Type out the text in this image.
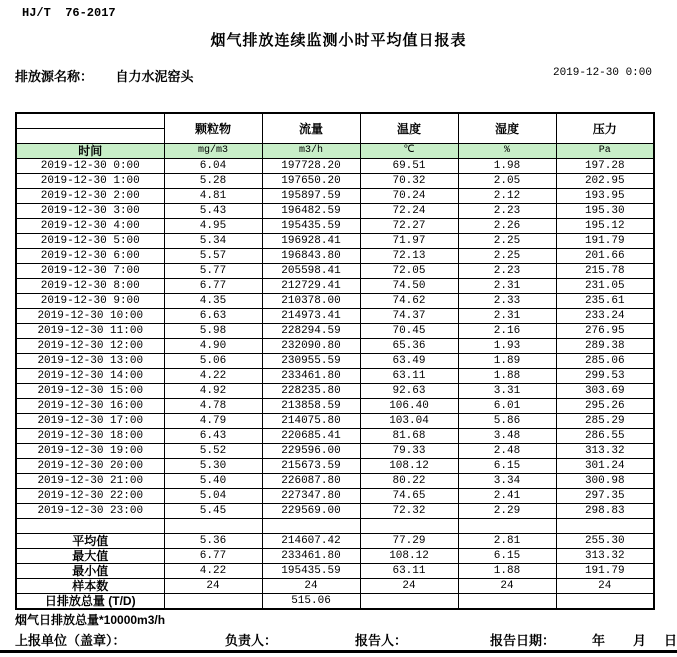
HJ/T  76-2017
烟气排放连续监测小时平均值日报表
排放源名称： 自力水泥窑头	2019-12-30 0:00
	颗粒物	流量	温度	湿度	压力

时间	mg/m3	m3/h	℃	%	Pa
2019-12-30 0:00	6.04	197728.20	69.51	1.98	197.28
2019-12-30 1:00	5.28	197650.20	70.32	2.05	202.95
2019-12-30 2:00	4.81	195897.59	70.24	2.12	193.95
2019-12-30 3:00	5.43	196482.59	72.24	2.23	195.30
2019-12-30 4:00	4.95	195435.59	72.27	2.26	195.12
2019-12-30 5:00	5.34	196928.41	71.97	2.25	191.79
2019-12-30 6:00	5.57	196843.80	72.13	2.25	201.66
2019-12-30 7:00	5.77	205598.41	72.05	2.23	215.78
2019-12-30 8:00	6.77	212729.41	74.50	2.31	231.05
2019-12-30 9:00	4.35	210378.00	74.62	2.33	235.61
2019-12-30 10:00	6.63	214973.41	74.37	2.31	233.24
2019-12-30 11:00	5.98	228294.59	70.45	2.16	276.95
2019-12-30 12:00	4.90	232090.80	65.36	1.93	289.38
2019-12-30 13:00	5.06	230955.59	63.49	1.89	285.06
2019-12-30 14:00	4.22	233461.80	63.11	1.88	299.53
2019-12-30 15:00	4.92	228235.80	92.63	3.31	303.69
2019-12-30 16:00	4.78	213858.59	106.40	6.01	295.26
2019-12-30 17:00	4.79	214075.80	103.04	5.86	285.29
2019-12-30 18:00	6.43	220685.41	81.68	3.48	286.55
2019-12-30 19:00	5.52	229596.00	79.33	2.48	313.32
2019-12-30 20:00	5.30	215673.59	108.12	6.15	301.24
2019-12-30 21:00	5.40	226087.80	80.22	3.34	300.98
2019-12-30 22:00	5.04	227347.80	74.65	2.41	297.35
2019-12-30 23:00	5.45	229569.00	72.32	2.29	298.83

平均值	5.36	214607.42	77.29	2.81	255.30
最大值	6.77	233461.80	108.12	6.15	313.32
最小值	4.22	195435.59	63.11	1.88	191.79
样本数	24	24	24	24	24
日排放总量 (T/D)		515.06			
烟气日排放总量*10000m3/h
上报单位（盖章）：	负责人：	报告人：	报告日期：	年 月 日
